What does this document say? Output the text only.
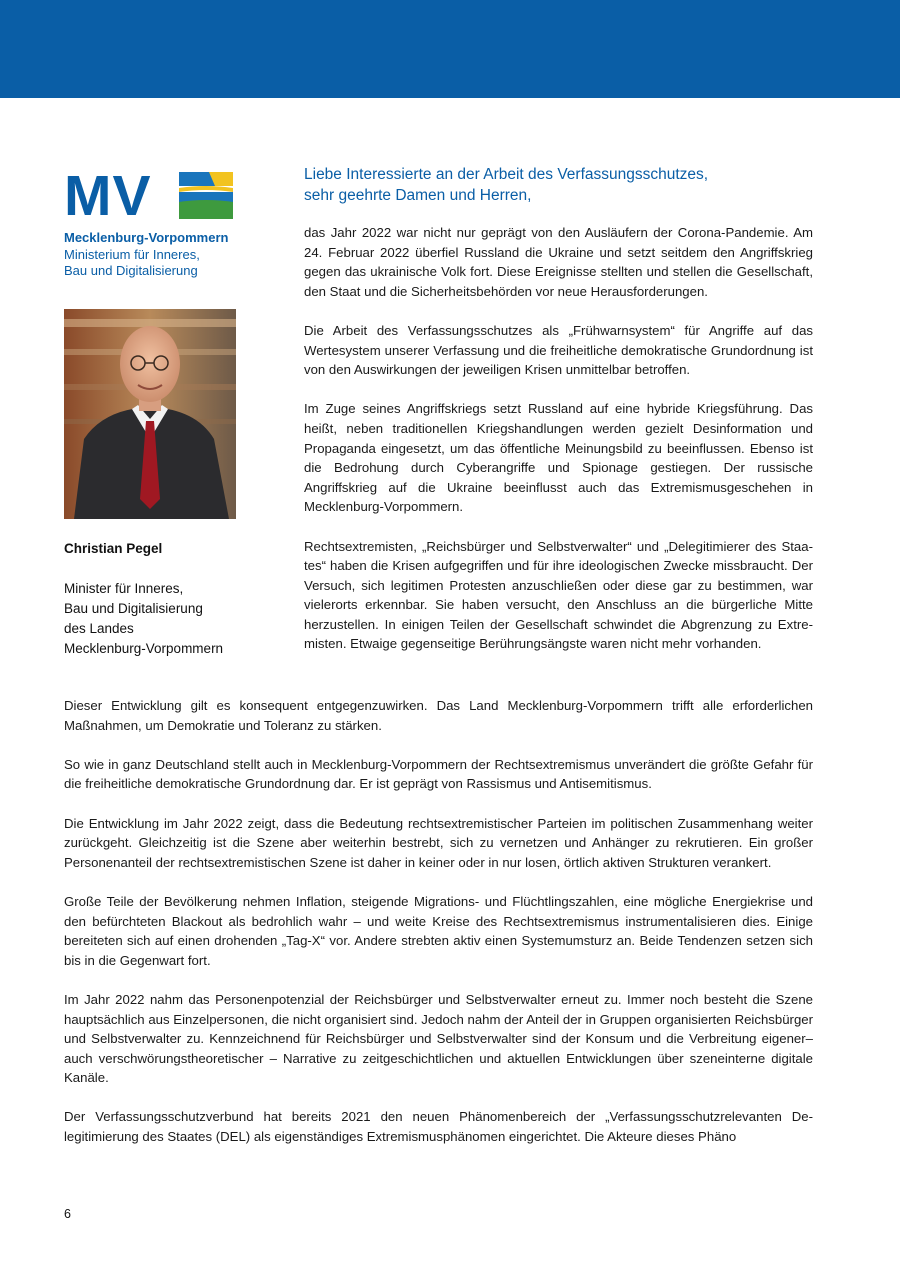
MV
Mecklenburg-Vorpommern
Ministerium für Inneres,
Bau und Digitalisierung
Christian Pegel
Minister für Inneres,
Bau und Digitalisierung
des Landes
Mecklenburg-Vorpommern
Liebe Interessierte an der Arbeit des Verfassungsschutzes,
sehr geehrte Damen und Herren,

das Jahr 2022 war nicht nur geprägt von den Ausläufern der Corona-Pandemie. Am 24. Februar 2022 überfiel Russland die Ukraine und setzt seitdem den Angriffskrieg gegen das ukrainische Volk fort. Diese Ereignisse stellten und stellen die Gesellschaft, den Staat und die Sicherheitsbehörden vor neue Herausforderungen.

Die Arbeit des Verfassungsschutzes als „Frühwarnsystem“ für Angriffe auf das Wertesystem unserer Verfassung und die freiheitliche demokratische Grundordnung ist von den Auswirkungen der jeweiligen Krisen unmittelbar betroffen.

Im Zuge seines Angriffskriegs setzt Russland auf eine hybride Kriegsführung. Das heißt, neben traditionellen Kriegshandlungen werden gezielt Desinformation und Propaganda eingesetzt, um das öffentliche Meinungsbild zu beeinflussen. Ebenso ist die Bedrohung durch Cyberangriffe und Spionage gestiegen. Der russische Angriffskrieg auf die Ukraine beeinflusst auch das Extremismusgeschehen in Mecklenburg-Vorpommern.

Rechtsextremisten, „Reichsbürger und Selbstverwalter“ und „Delegitimierer des Staates“ haben die Krisen aufgegriffen und für ihre ideologischen Zwecke missbraucht. Der Versuch, sich legitimen Protesten anzuschließen oder diese gar zu bestimmen, war vielerorts erkennbar. Sie haben versucht, den Anschluss an die bürgerliche Mitte herzustellen. In einigen Teilen der Gesellschaft schwindet die Abgrenzung zu Extremisten. Etwaige gegenseitige Berührungsängste waren nicht mehr vorhanden.

Dieser Entwicklung gilt es konsequent entgegenzuwirken. Das Land Mecklenburg-Vorpommern trifft alle erforderlichen Maßnahmen, um Demokratie und Toleranz zu stärken.

So wie in ganz Deutschland stellt auch in Mecklenburg-Vorpommern der Rechtsextremismus unverändert die größte Gefahr für die freiheitliche demokratische Grundordnung dar. Er ist geprägt von Rassismus und Antisemitismus.

Die Entwicklung im Jahr 2022 zeigt, dass die Bedeutung rechtsextremistischer Parteien im politischen Zusammenhang weiter zurückgeht. Gleichzeitig ist die Szene aber weiterhin bestrebt, sich zu vernetzen und Anhänger zu rekrutieren. Ein großer Personenanteil der rechtsextremistischen Szene ist daher in keiner oder in nur losen, örtlich aktiven Strukturen verankert.

Große Teile der Bevölkerung nehmen Inflation, steigende Migrations- und Flüchtlingszahlen, eine mögliche Energiekrise und den befürchteten Blackout als bedrohlich wahr – und weite Kreise des Rechtsextremismus instrumentalisieren dies. Einige bereiteten sich auf einen drohenden „Tag-X“ vor. Andere strebten aktiv einen Systemumsturz an. Beide Tendenzen setzen sich bis in die Gegenwart fort.

Im Jahr 2022 nahm das Personenpotenzial der Reichsbürger und Selbstverwalter erneut zu. Immer noch besteht die Szene hauptsächlich aus Einzelpersonen, die nicht organisiert sind. Jedoch nahm der Anteil der in Gruppen organisierten Reichsbürger und Selbstverwalter zu. Kennzeichnend für Reichsbürger und Selbstverwalter sind der Konsum und die Verbreitung eigener– auch verschwörungstheoretischer – Narrative zu zeitgeschichtlichen und aktuellen Entwicklungen über szeneinterne digitale Kanäle.

Der Verfassungsschutzverbund hat bereits 2021 den neuen Phänomenbereich der „Verfassungsschutzrelevanten Delegitimierung des Staates (DEL) als eigenständiges Extremismusphänomen eingerichtet. Die Akteure dieses Phäno

6
